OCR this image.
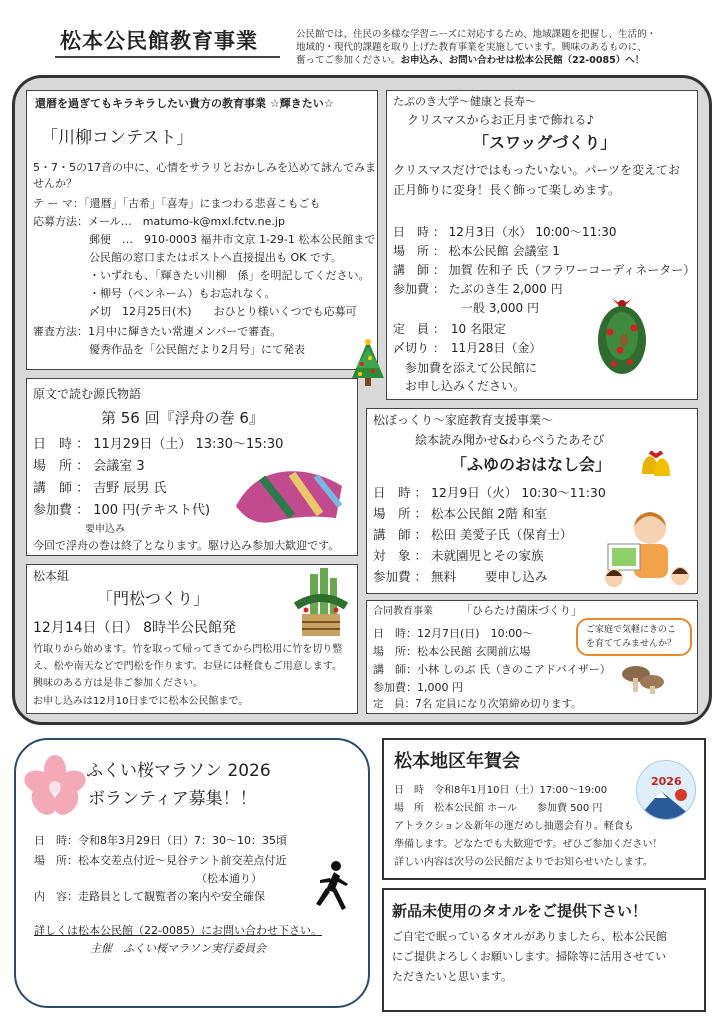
松本公民館教育事業	公民館では、住民の多様な学習ニーズに対応するため、地域課題を把握し、生活的・
地域的・現代的課題を取り上げた教育事業を実施しています。興味のあるものに、
奮ってご参加ください。お申込み、お問い合わせは松本公民館（22-0085）へ！
還暦を過ぎてもキラキラしたい貴方の教育事業 ☆輝きたい☆
「川柳コンテスト」
5・7・5の17音の中に、心情をサラリとおかしみを込めて詠んでみま
せんか？
テ ー マ：「還暦」「古希」「喜寿」にまつわる悲喜こもごも
応募方法：メール…　matumo-k@mxl.fctv.ne.jp
郵便　…　910-0003 福井市文京 1-29-1 松本公民館まで
公民館の窓口またはポストへ直接提出も OK です。
・いずれも、「輝きたい川柳　係」を明記してください。
・柳号（ペンネーム）もお忘れなく。
〆切　12月25日(木)　　おひとり様いくつでも応募可
審査方法：1月中に輝きたい常連メンバーで審査。
優秀作品を「公民館だより2月号」にて発表
たぶのき大学～健康と長寿～
クリスマスからお正月まで飾れる♪
「スワッグづくり」
クリスマスだけではもったいない。パーツを変えてお
正月飾りに変身！長く飾って楽しめます。
日　時 ： 12月3日（水） 10:00～11:30
場　所 ： 松本公民館 会議室 1
講　師 ： 加賀 佐和子 氏（フラワーコーディネーター）
参加費 ： たぶのき生 2,000 円
一般 3,000 円
定　員 ：　10 名限定
〆切り ：　11月28日（金）
参加費を添えて公民館に
お申し込みください。
原文で読む源氏物語
第 56 回『浮舟の巻 6』
日　時 ： 11月29日（土） 13:30～15:30
場　所 ： 会議室 3
講　師 ： 吉野 辰男 氏
参加費 ： 100 円(テキスト代)
要申込み
今回で浮舟の巻は終了となります。駆け込み参加大歓迎です。
松ぼっくり～家庭教育支援事業～
絵本読み聞かせ&わらべうたあそび
「ふゆのおはなし会」
日　時 ： 12月9日（火） 10:30～11:30
場　所 ： 松本公民館 2階 和室
講　師 ： 松田 美愛子氏（保育士）
対　象 ： 未就園児とその家族
参加費 ： 無料　　 要申し込み
松本組
「門松つくり」
12月14日（日） 8時半公民館発
竹取りから始めます。竹を取って帰ってきてから門松用に竹を切り整
え、松や南天などで門松を作ります。お昼には軽食もご用意します。
興味のある方は是非ご参加ください。
お申し込みは12月10日までに松本公民館まで。
合同教育事業	「ひらたけ菌床づくり」
日　時：12月7日(日)　10:00～
場　所：松本公民館 玄関前広場
講　師：小林 しのぶ 氏（きのこアドバイザー）
参加費：1,000 円
定　員：7名 定員になり次第締め切ります。
ご家庭で気軽にきのこ
を育ててみませんか？
ふくい桜マラソン 2026
ボランティア募集！！
日　時：令和8年3月29日（日）7：30～10：35頃
場　所：松本交差点付近～見谷テント前交差点付近
（松本通り）
内　容：走路員として観覧者の案内や安全確保
詳しくは松本公民館（22-0085）にお問い合わせ下さい。
主催　ふくい桜マラソン実行委員会
松本地区年賀会
日　時　令和8年1月10日（土）17:00～19:00
場　所　松本公民館 ホール　　参加費 500 円
アトラクション＆新年の運だめし抽選会有り。軽食も
準備します。どなたでも大歓迎です。ぜひご参加ください！
詳しい内容は次号の公民館だよりでお知らせいたします。
2026
新品未使用のタオルをご提供下さい！
ご自宅で眠っているタオルがありましたら、松本公民館
にご提供よろしくお願いします。掃除等に活用させてい
ただきたいと思います。
